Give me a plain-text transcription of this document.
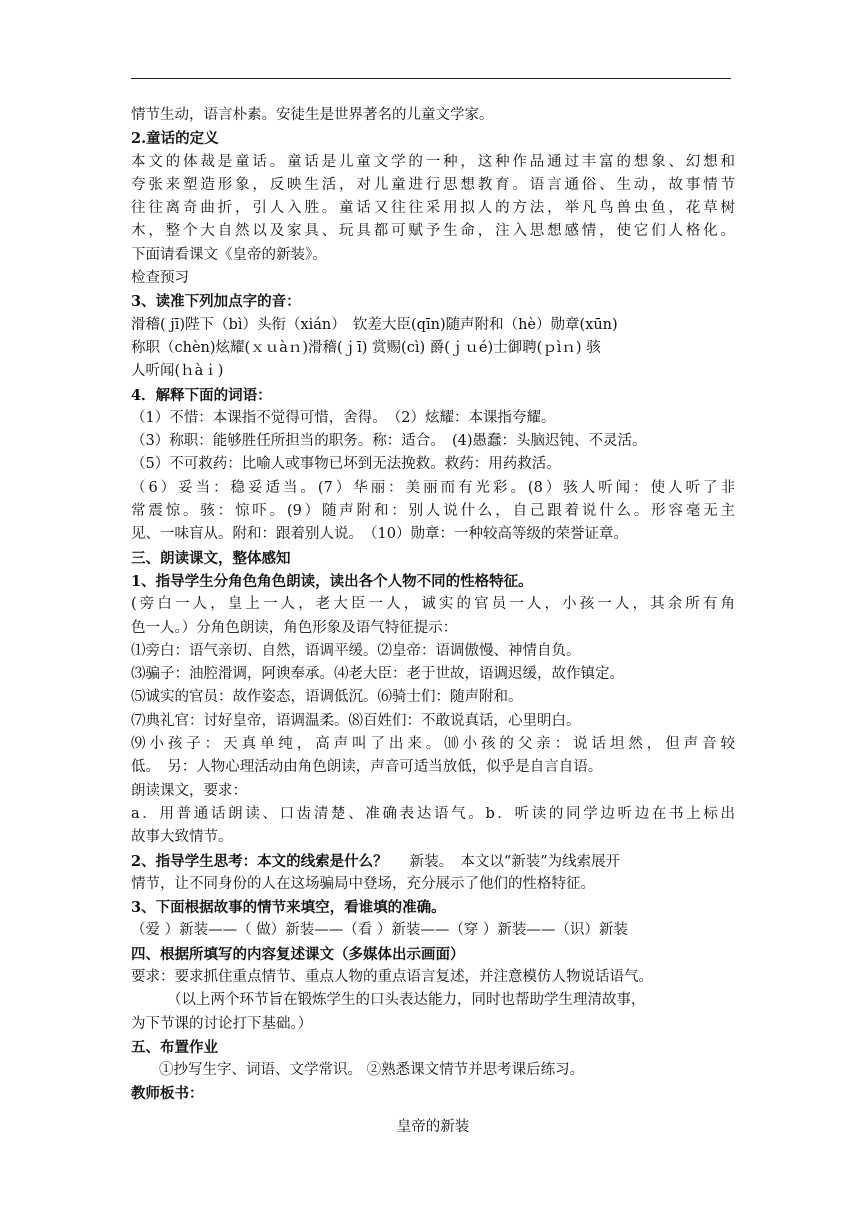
情节生动，语言朴素。安徒生是世界著名的儿童文学家。
2.童话的定义
本文的体裁是童话。童话是儿童文学的一种，这种作品通过丰富的想象、幻想和
夸张来塑造形象，反映生活，对儿童进行思想教育。语言通俗、生动，故事情节
往往离奇曲折，引人入胜。童话又往往采用拟人的方法，举凡鸟兽虫鱼，花草树
木，整个大自然以及家具、玩具都可赋予生命，注入思想感情，使它们人格化。
下面请看课文《皇帝的新装》。
检查预习
3、读准下列加点字的音：
滑稽( jī)陛下（bì）头衔（xián）　钦差大臣(qīn)随声附和（hè）勋章(xūn)
称职（chèn)炫耀(ｘｕàｎ)滑稽(ｊī) 赏赐(cì) 爵(ｊｕé)士御聘(ｐìｎ) 骇
人听闻(ｈàｉ)
4．解释下面的词语：
（1）不惜：本课指不觉得可惜，舍得。　（2）炫耀：本课指夸耀。
（3）称职：能够胜任所担当的职务。称：适合。　(4)愚蠢：头脑迟钝、不灵活。
（5）不可救药：比喻人或事物已坏到无法挽救。救药：用药救活。
（6）妥当：稳妥适当。(7）华丽：美丽而有光彩。(8）骇人听闻：使人听了非
常震惊。骇：惊吓。(9）随声附和：别人说什么，自己跟着说什么。形容毫无主
见、一味盲从。附和：跟着别人说。　（10）勋章：一种较高等级的荣誉证章。
三、朗读课文，整体感知
1、指导学生分角色角色朗读，读出各个人物不同的性格特征。
(旁白一人，皇上一人，老大臣一人，诚实的官员一人，小孩一人，其余所有角
色一人。）分角色朗读，角色形象及语气特征提示：
⑴旁白：语气亲切、自然，语调平缓。⑵皇帝：语调傲慢、神情自负。
⑶骗子：油腔滑调，阿谀奉承。⑷老大臣：老于世故，语调迟缓，故作镇定。
⑸诚实的官员：故作姿态，语调低沉。⑹骑士们：随声附和。
⑺典礼官：讨好皇帝，语调温柔。⑻百姓们：不敢说真话，心里明白。
⑼小孩子：天真单纯，高声叫了出来。⑽小孩的父亲：说话坦然，但声音较
低。　另：人物心理活动由角色朗读，声音可适当放低，似乎是自言自语。
朗读课文，要求：
a．用普通话朗读、口齿清楚、准确表达语气。b．听读的同学边听边在书上标出
故事大致情节。
2、指导学生思考：本文的线索是什么？ 新装。　本文以“新装”为线索展开
情节，让不同身份的人在这场骗局中登场，充分展示了他们的性格特征。
3、下面根据故事的情节来填空，看谁填的准确。
（爱 ）新装——（ 做）新装——（看 ）新装——（穿 ）新装——（识）新装
四、根据所填写的内容复述课文（多媒体出示画面）
要求：要求抓住重点情节、重点人物的重点语言复述，并注意模仿人物说话语气。
（以上两个环节旨在锻炼学生的口头表达能力，同时也帮助学生理清故事，
为下节课的讨论打下基础。）
五、布置作业
①抄写生字、词语、文学常识。 ②熟悉课文情节并思考课后练习。
教师板书：
皇帝的新装
